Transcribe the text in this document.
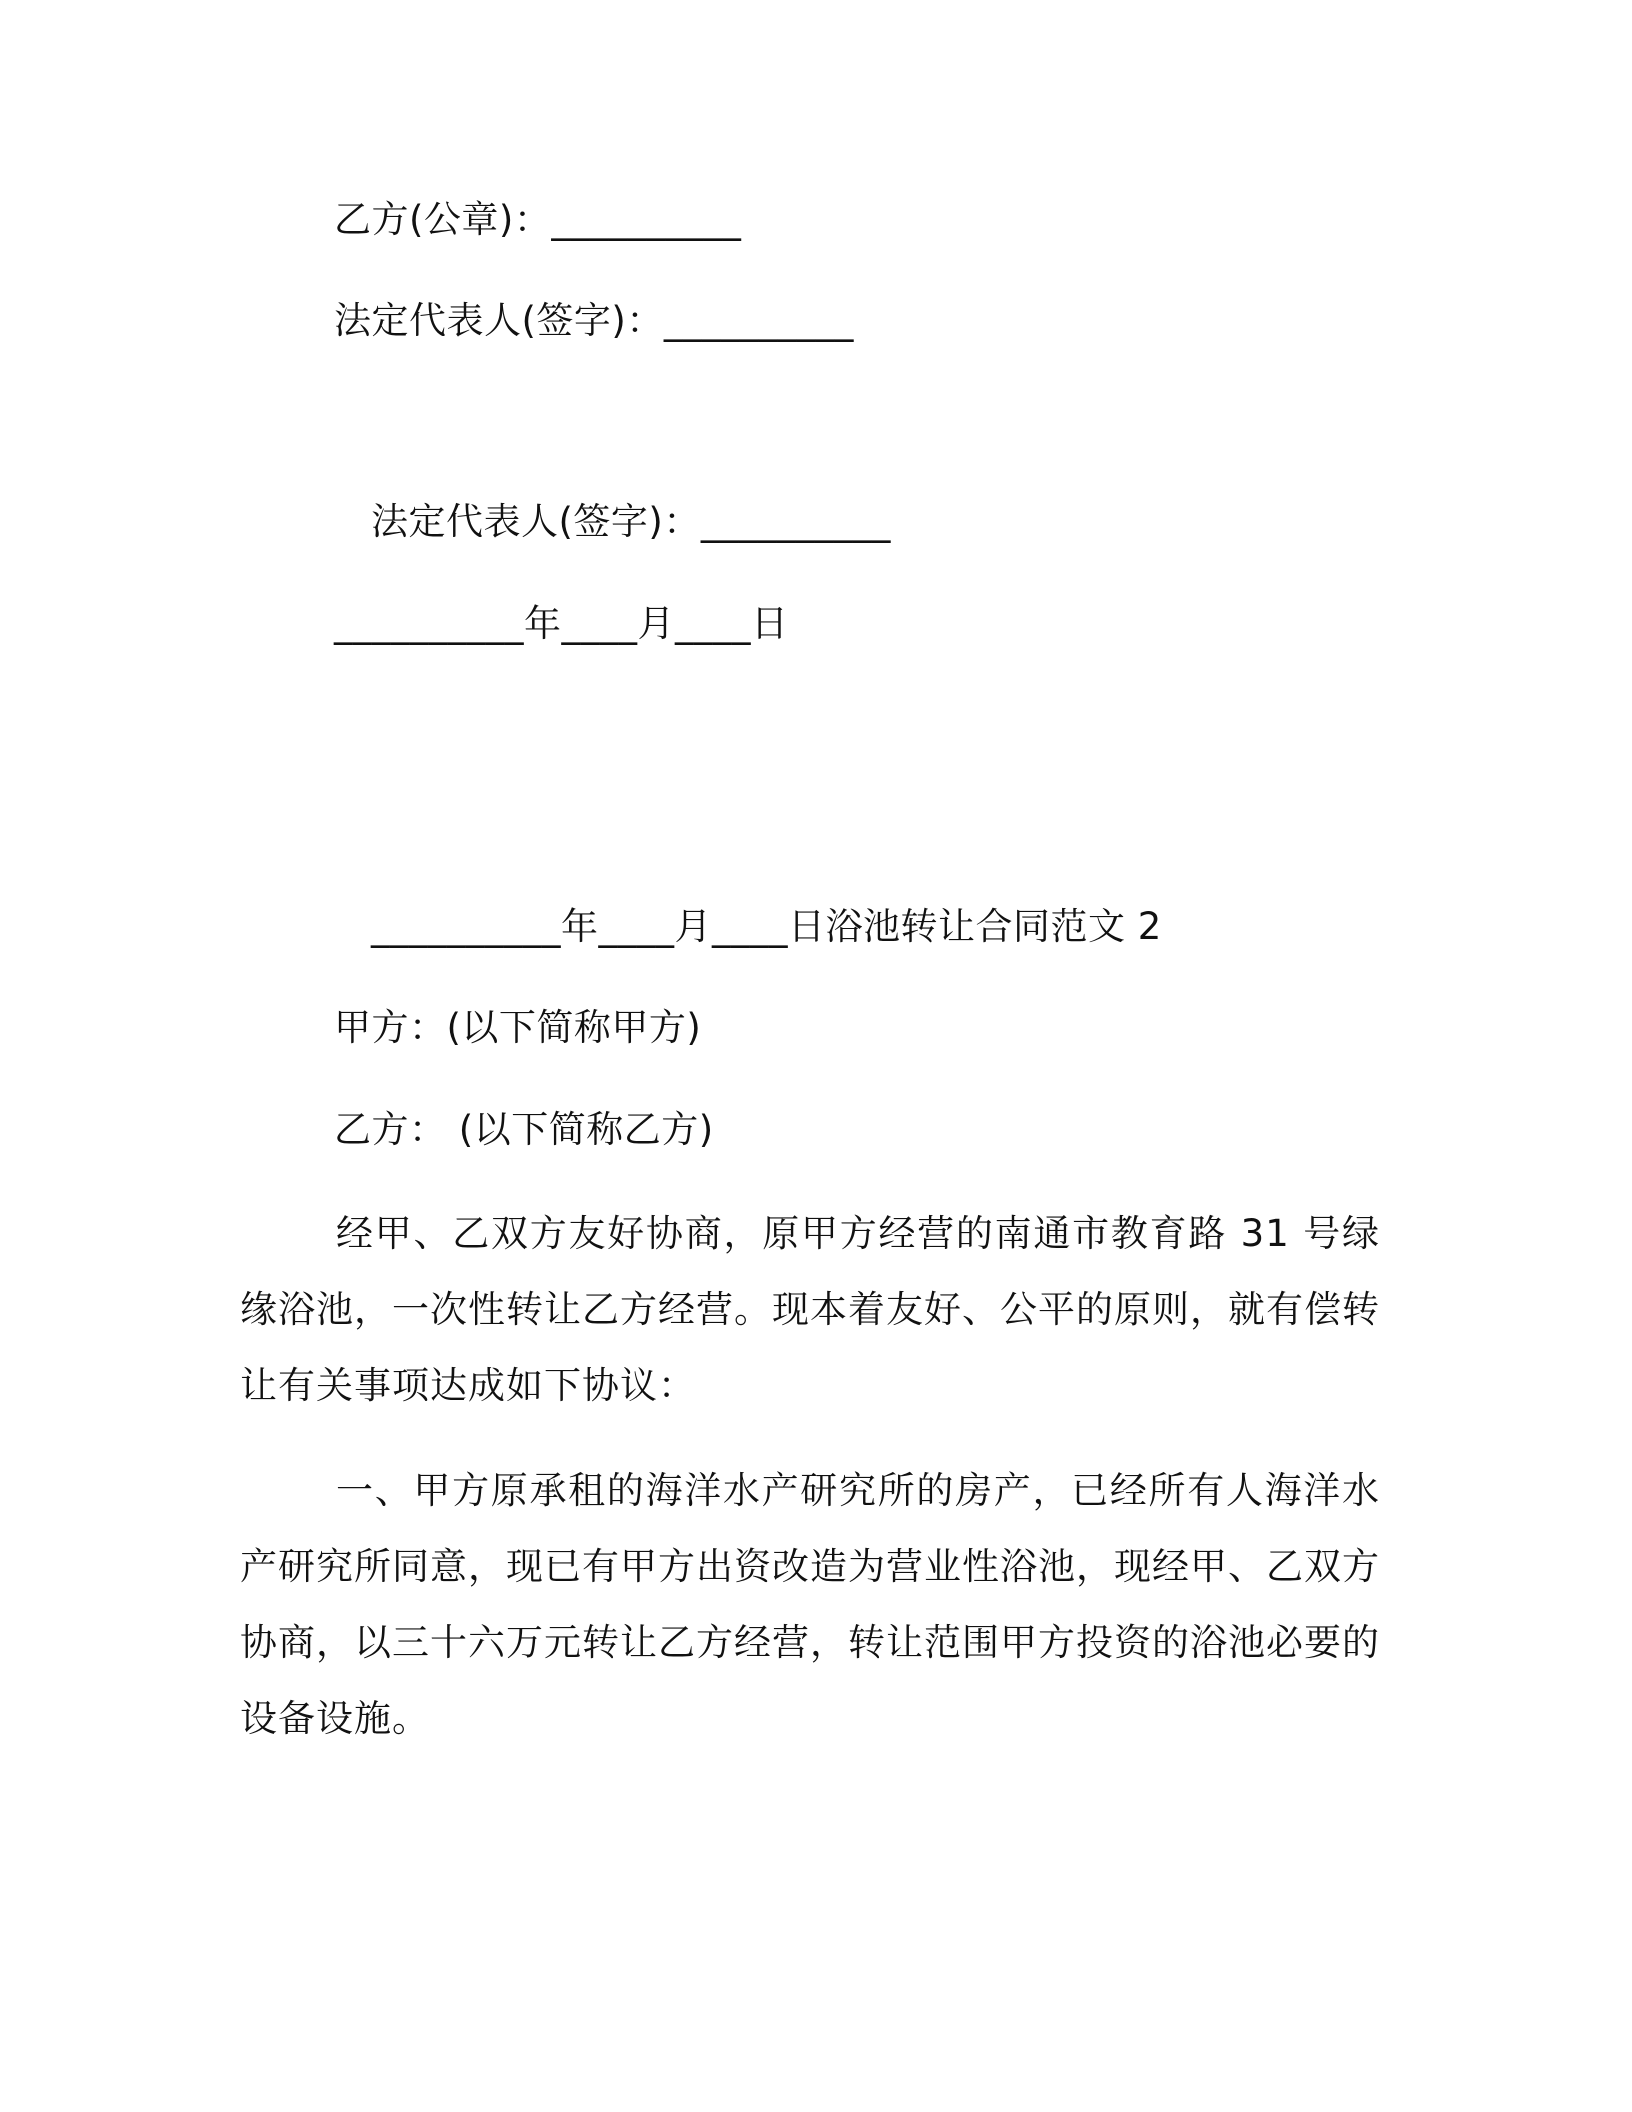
乙方(公章)：__________
法定代表人(签字)：__________
法定代表人(签字)：__________
__________年____月____日
__________年____月____日浴池转让合同范文 2
甲方：(以下简称甲方)
乙方： (以下简称乙方)
经甲、乙双方友好协商，原甲方经营的南通市教育路 31 号绿缘浴池，一次性转让乙方经营。现本着友好、公平的原则，就有偿转让有关事项达成如下协议：
一、甲方原承租的海洋水产研究所的房产，已经所有人海洋水产研究所同意，现已有甲方出资改造为营业性浴池，现经甲、乙双方协商，以三十六万元转让乙方经营，转让范围甲方投资的浴池必要的设备设施。
